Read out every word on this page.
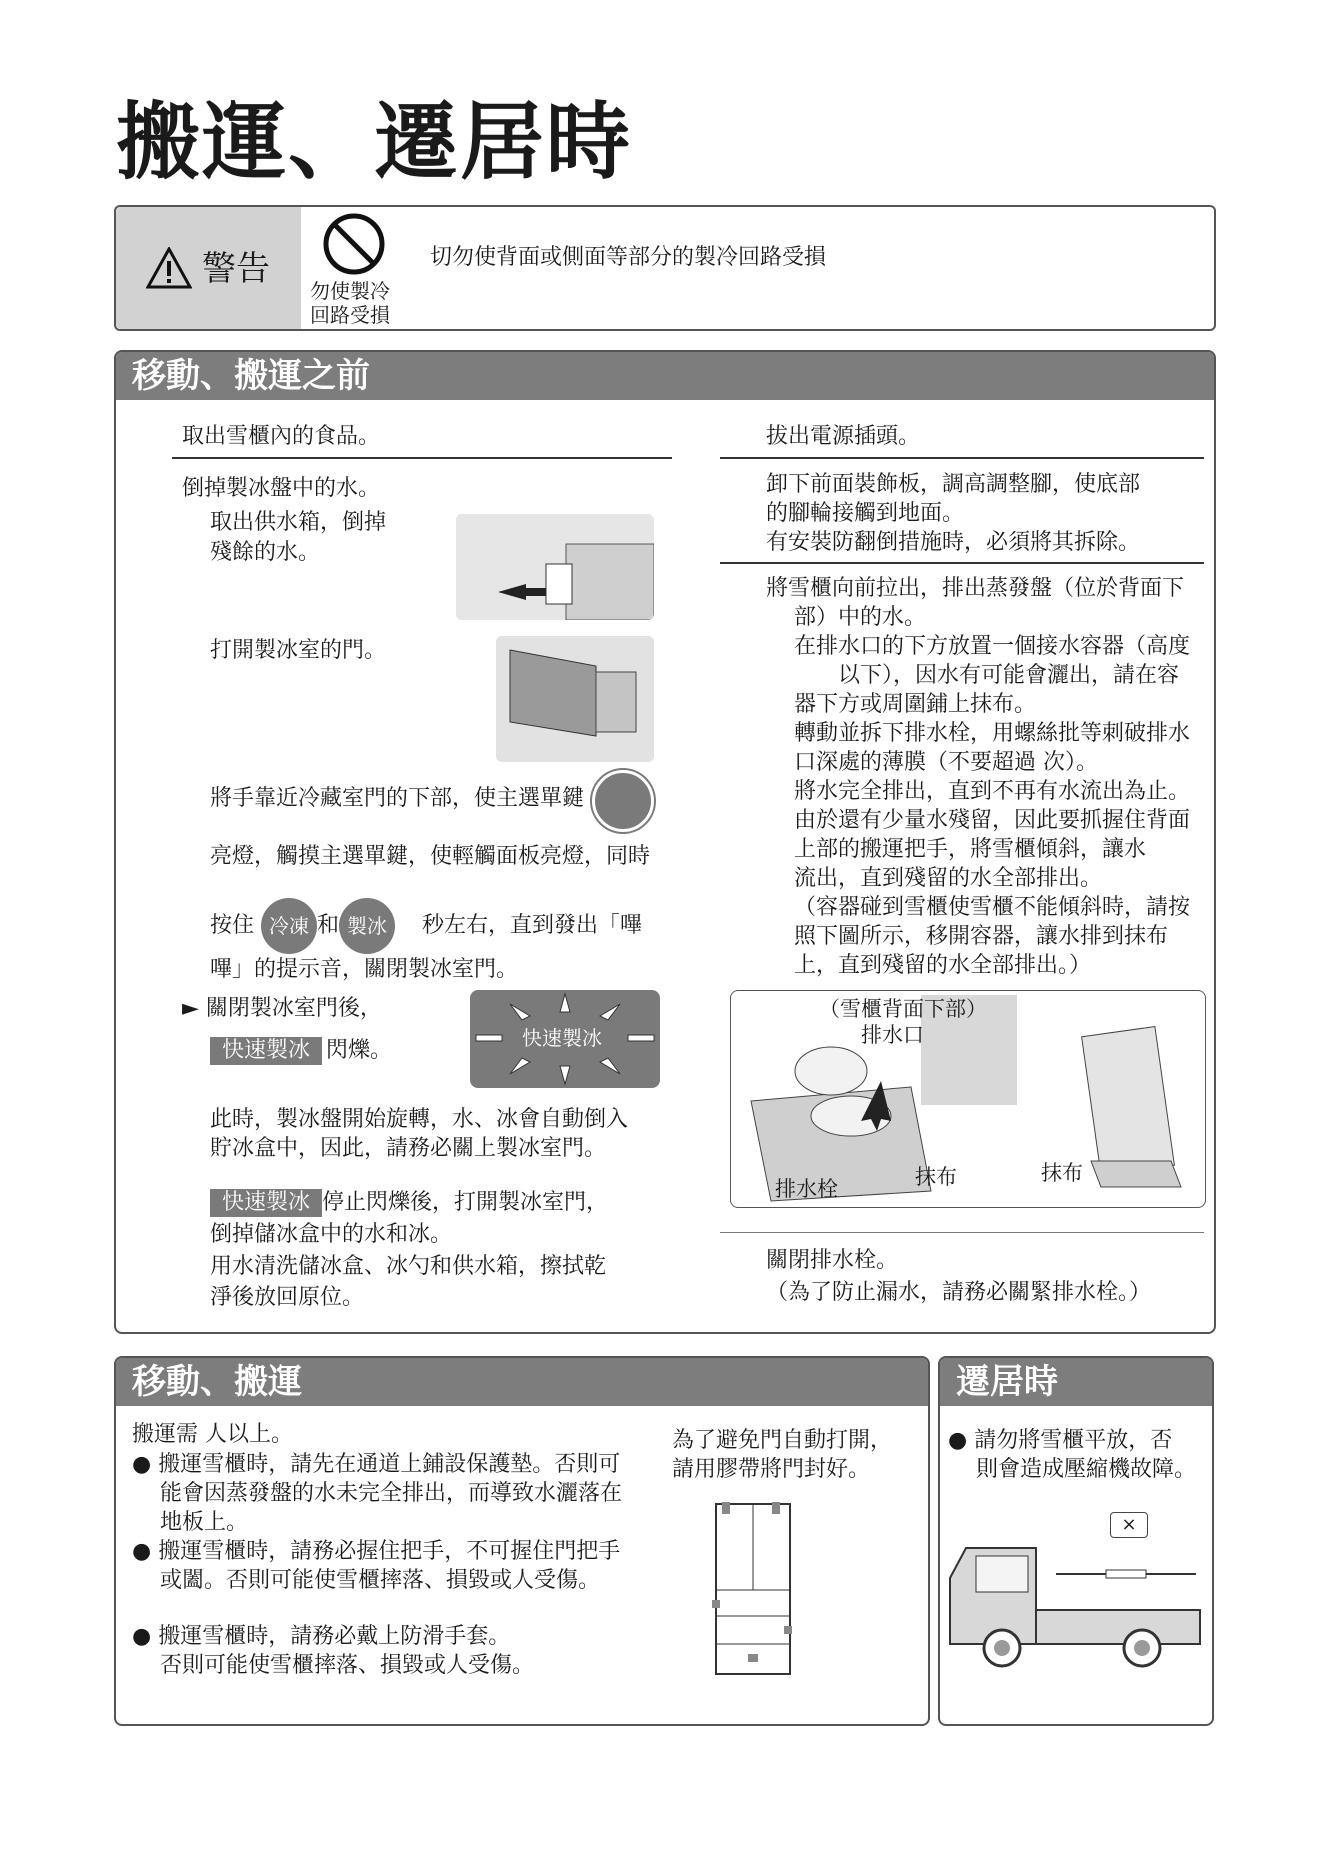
搬運、遷居時
警告
勿使製冷
回路受損
切勿使背面或側面等部分的製冷回路受損
移動、搬運之前
取出雪櫃內的食品。
倒掉製冰盤中的水。
取出供水箱，倒掉
殘餘的水。
打開製冰室的門。
將手靠近冷藏室門的下部，使主選單鍵
亮燈，觸摸主選單鍵，使輕觸面板亮燈，同時
按住 冷凍 和 製冰 秒左右，直到發出「嗶
嗶」的提示音，關閉製冰室門。
► 關閉製冰室門後，
快速製冰 閃爍。	快速製冰
此時，製冰盤開始旋轉，水、冰會自動倒入
貯冰盒中，因此，請務必關上製冰室門。
快速製冰 停止閃爍後，打開製冰室門，
倒掉儲冰盒中的水和冰。
用水清洗儲冰盒、冰勺和供水箱，擦拭乾
淨後放回原位。
拔出電源插頭。
卸下前面裝飾板，調高調整腳，使底部
的腳輪接觸到地面。
有安裝防翻倒措施時，必須將其拆除。
將雪櫃向前拉出，排出蒸發盤（位於背面下
部）中的水。
在排水口的下方放置一個接水容器（高度
以下），因水有可能會灑出，請在容
器下方或周圍鋪上抹布。
轉動並拆下排水栓，用螺絲批等刺破排水
口深處的薄膜（不要超過 次）。
將水完全排出，直到不再有水流出為止。
由於還有少量水殘留，因此要抓握住背面
上部的搬運把手，將雪櫃傾斜，讓水
流出，直到殘留的水全部排出。
（容器碰到雪櫃使雪櫃不能傾斜時，請按
照下圖所示，移開容器，讓水排到抹布
上，直到殘留的水全部排出。）
（雪櫃背面下部）
排水口
排水栓	抹布	抹布
關閉排水栓。
（為了防止漏水，請務必關緊排水栓。）
移動、搬運
搬運需 人以上。
● 搬運雪櫃時，請先在通道上鋪設保護墊。否則可
能會因蒸發盤的水未完全排出，而導致水灑落在
地板上。
● 搬運雪櫃時，請務必握住把手，不可握住門把手
或闔。否則可能使雪櫃摔落、損毀或人受傷。
● 搬運雪櫃時，請務必戴上防滑手套。
否則可能使雪櫃摔落、損毀或人受傷。
為了避免門自動打開，
請用膠帶將門封好。
遷居時
● 請勿將雪櫃平放，否
則會造成壓縮機故障。
×
